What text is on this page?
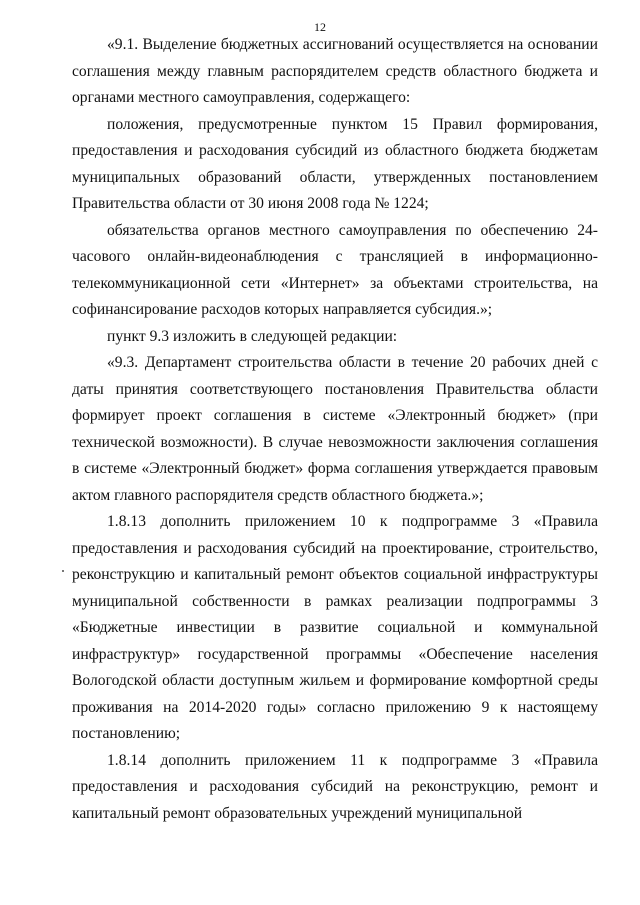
12

«9.1. Выделение бюджетных ассигнований осуществляется на основании соглашения между главным распорядителем средств областного бюджета и органами местного самоуправления, содержащего:

положения, предусмотренные пунктом 15 Правил формирования, предоставления и расходования субсидий из областного бюджета бюджетам муниципальных образований области, утвержденных постановлением Правительства области от 30 июня 2008 года № 1224;

обязательства органов местного самоуправления по обеспечению 24-часового онлайн-видеонаблюдения с трансляцией в информационно-телекоммуникационной сети «Интернет» за объектами строительства, на софинансирование расходов которых направляется субсидия.»;

пункт 9.3 изложить в следующей редакции:

«9.3. Департамент строительства области в течение 20 рабочих дней с даты принятия соответствующего постановления Правительства области формирует проект соглашения в системе «Электронный бюджет» (при технической возможности). В случае невозможности заключения соглашения в системе «Электронный бюджет» форма соглашения утверждается правовым актом главного распорядителя средств областного бюджета.»;

1.8.13 дополнить приложением 10 к подпрограмме 3 «Правила предоставления и расходования субсидий на проектирование, строительство, реконструкцию и капитальный ремонт объектов социальной инфраструктуры муниципальной собственности в рамках реализации подпрограммы 3 «Бюджетные инвестиции в развитие социальной и коммунальной инфраструктур» государственной программы «Обеспечение населения Вологодской области доступным жильем и формирование комфортной среды проживания на 2014-2020 годы» согласно приложению 9 к настоящему постановлению;

1.8.14 дополнить приложением 11 к подпрограмме 3 «Правила предоставления и расходования субсидий на реконструкцию, ремонт и капитальный ремонт образовательных учреждений муниципальной
